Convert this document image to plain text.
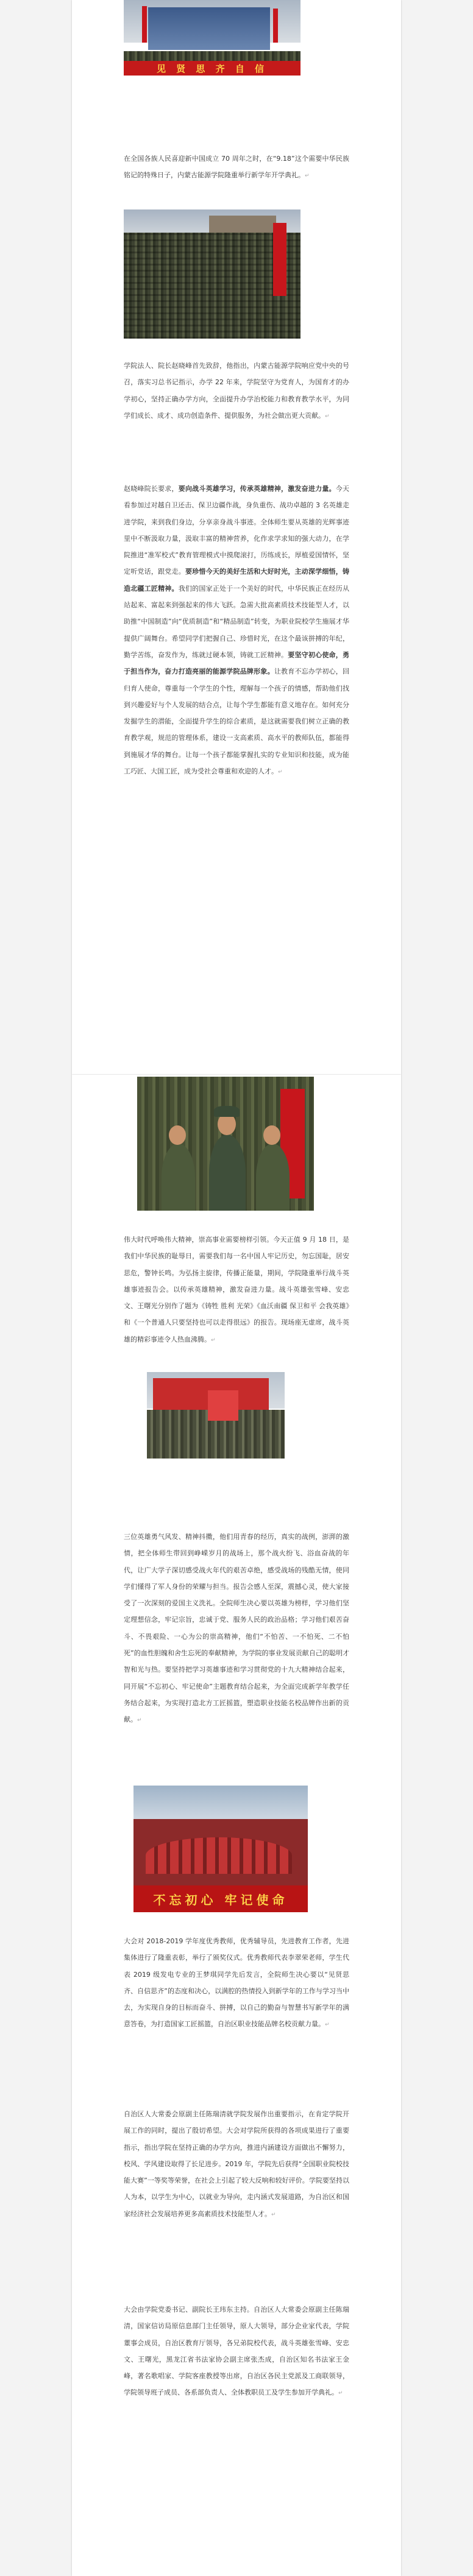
见 贤 思 齐 自 信

在全国各族人民喜迎新中国成立 70 周年之时，在“9.18”这个需要中华民族铭记的特殊日子，内蒙古能源学院隆重举行新学年开学典礼。↵

学院法人、院长赵晓峰首先致辞，他指出，内蒙古能源学院响应党中央的号召，落实习总书记指示，办学 22 年来，学院坚守为党育人，为国育才的办学初心，坚持正确办学方向，全面提升办学治校能力和教育教学水平，为同学们成长、成才、成功创造条件、提供服务，为社会做出更大贡献。↵

赵晓峰院长要求，要向战斗英雄学习，传承英雄精神，激发奋进力量。今天看参加过对越自卫还击、保卫边疆作战，身负重伤、战功卓越的 3 名英雄走进学院，来到我们身边，分享亲身战斗事迹。全体师生要从英雄的光辉事迹里中不断汲取力量，汲取丰富的精神营养，化作求学求知的强大动力，在学院推进“准军校式”教育管理模式中摸爬滚打，历练成长，厚植爱国情怀，坚定听党话，跟党走。要珍惜今天的美好生活和大好时光，主动深学细悟，铸造北疆工匠精神。我们的国家正处于一个美好的时代，中华民族正在经历从站起来、富起来到强起来的伟大飞跃。急需大批高素质技术技能型人才，以助推“中国制造”向“优质制造”和“精品制造”转变，为职业院校学生施展才华提供广阔舞台。希望同学们把握自己、珍惜时光，在这个最该拼搏的年纪，勤学苦练，奋发作为，练就过硬本领，铸就工匠精神。要坚守初心使命，勇于担当作为，奋力打造亮丽的能源学院品牌形象。让教育不忘办学初心，回归育人使命，尊重每一个学生的个性，理解每一个孩子的情感，帮助他们找到兴趣爱好与个人发展的结合点，让每个学生都能有意义地存在。如何充分发掘学生的潜能，全面提升学生的综合素质，是这就需要我们树立正确的教育教学观，规范的管理体系，建设一支高素质、高水平的教师队伍，都能得到施展才华的舞台。让每一个孩子都能掌握扎实的专业知识和技能，成为能工巧匠、大国工匠，成为受社会尊重和欢迎的人才。↵

伟大时代呼唤伟大精神，崇高事业需要榜样引领。今天正值 9 月 18 日，是我们中华民族的耻辱日，需要我们每一名中国人牢记历史，勿忘国耻，居安思危，警钟长鸣。为弘扬主旋律，传播正能量，期间，学院隆重举行战斗英雄事迹报告会。以传承英雄精神，激发奋进力量。战斗英雄张雪峰、安忠文、王曙光分别作了题为《铸牲 胜利 光荣》《血沃南疆 保卫和平 会我英雄》和《一个普通人只要坚持也可以走得很远》的报告。现场座无虚席，战斗英雄的精彩事迹令人热血沸腾。↵

三位英雄勇气风发、精神抖擞，他们用青春的经历，真实的战例，澎湃的激情，把全体师生带回到峥嵘岁月的战场上，那个战火纷飞、浴血奋战的年代，让广大学子深切感受战火年代的艰苦卓绝，感受战场的残酷无情，使同学们懂得了军人身份的荣耀与担当。报告会感人至深，震撼心灵，使大家接受了一次深刻的爱国主义洗礼。全院师生决心要以英雄为榜样，学习他们坚定理想信念，牢记宗旨，忠诚于党、服务人民的政治品格；学习他们艰苦奋斗、不畏艰险、一心为公的崇高精神，他们“不怕苦、一不怕死、二不怕死”的血性胆魄和舍生忘死的奉献精神，为学院的事业发展贡献自己的聪明才智和光与热。要坚持把学习英雄事迹和学习贯彻党的十九大精神结合起来，同开展“不忘初心、牢记使命”主题教育结合起来，为全面完成新学年教学任务结合起来，为实现打造北方工匠摇篮，塑造职业技能名校品牌作出新的贡献。↵

不忘初心 牢记使命

大会对 2018-2019 学年度优秀教师，优秀辅导员，先进教育工作者，先进集体进行了隆重表彰，举行了颁奖仪式。优秀教师代表李翠荣老师，学生代表 2019 级发电专业的王梦琪同学先后发言，全院师生决心要以“见贤思齐、自信思齐”的态度和决心，以满腔的热情投入到新学年的工作与学习当中去，为实现自身的目标而奋斗、拼搏，以自己的勤奋与智慧书写新学年的满意答卷，为打造国家工匠摇篮，自治区职业技能品牌名校贡献力量。↵

自治区人大常委会原副主任陈瑞清就学院发展作出重要指示，在肯定学院开展工作的同时，提出了殷切希望。大会对学院所获得的各项成果进行了重要指示，指出学院在坚持正确的办学方向，推进内涵建设方面做出不懈努力，校风、学风建设取得了长足进步。2019 年，学院先后获得“全国职业院校技能大赛”一等奖等荣誉，在社会上引起了较大反响和较好评价。学院要坚持以人为本，以学生为中心，以就业为导向，走内涵式发展道路，为自治区和国家经济社会发展培养更多高素质技术技能型人才。↵

大会由学院党委书记、副院长王玮东主持。自治区人大常委会原副主任陈瑞清，国家信访局原信息部门主任领导，原人大领导，部分企业家代表，学院董事会成员，自治区教育厅领导，各兄弟院校代表，战斗英雄张雪峰、安忠文、王曙光，黑龙江省书法家协会副主席张杰成，自治区知名书法家王金峰，著名歌唱家、学院客座教授等出席，自治区各民主党派及工商联领导，学院领导班子成员、各系部负责人、全体教职员工及学生参加开学典礼。↵
